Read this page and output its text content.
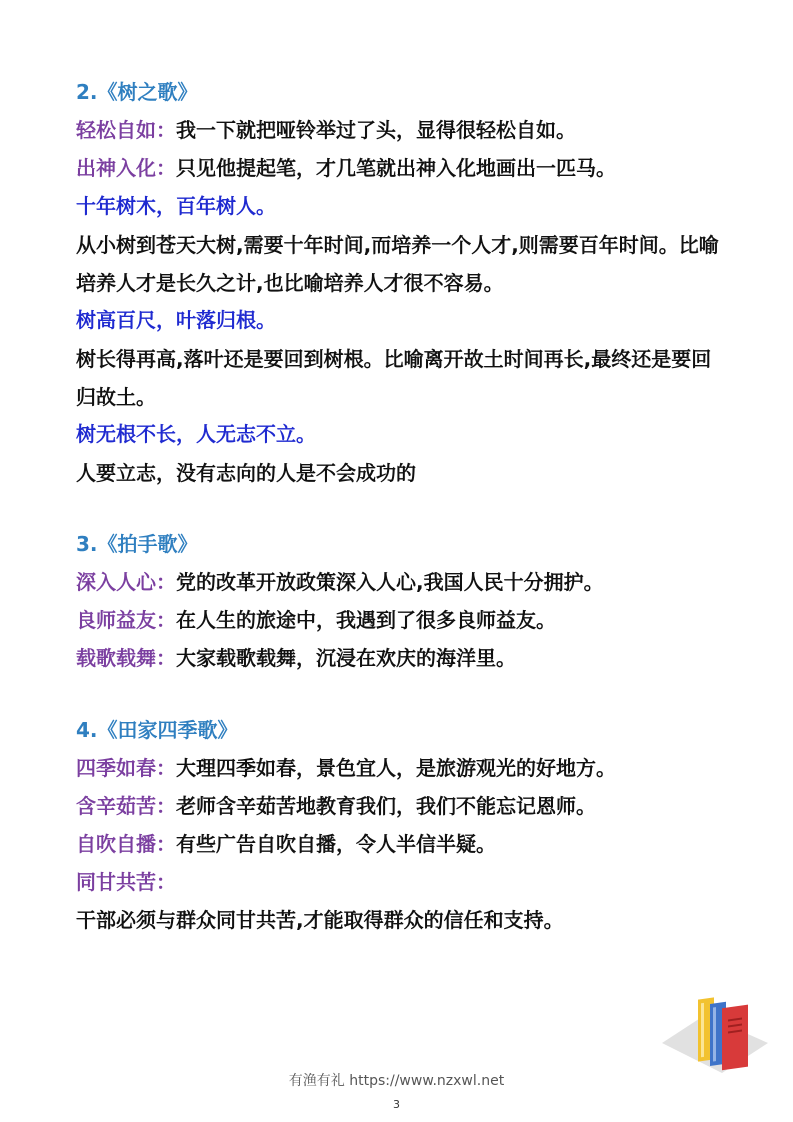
2.《树之歌》
轻松自如：我一下就把哑铃举过了头，显得很轻松自如。
出神入化：只见他提起笔，才几笔就出神入化地画出一匹马。
十年树木，百年树人。
从小树到苍天大树,需要十年时间,而培养一个人才,则需要百年时间。比喻培养人才是长久之计,也比喻培养人才很不容易。
树高百尺，叶落归根。
树长得再高,落叶还是要回到树根。比喻离开故土时间再长,最终还是要回归故土。
树无根不长，人无志不立。
人要立志，没有志向的人是不会成功的
3.《拍手歌》
深入人心：党的改革开放政策深入人心,我国人民十分拥护。
良师益友：在人生的旅途中，我遇到了很多良师益友。
载歌载舞：大家载歌载舞，沉浸在欢庆的海洋里。
4.《田家四季歌》
四季如春：大理四季如春，景色宜人，是旅游观光的好地方。
含辛茹苦：老师含辛茹苦地教育我们，我们不能忘记恩师。
自吹自播：有些广告自吹自播，令人半信半疑。
同甘共苦：
干部必须与群众同甘共苦,才能取得群众的信任和支持。
有渔有礼 https://www.nzxwl.net
3
